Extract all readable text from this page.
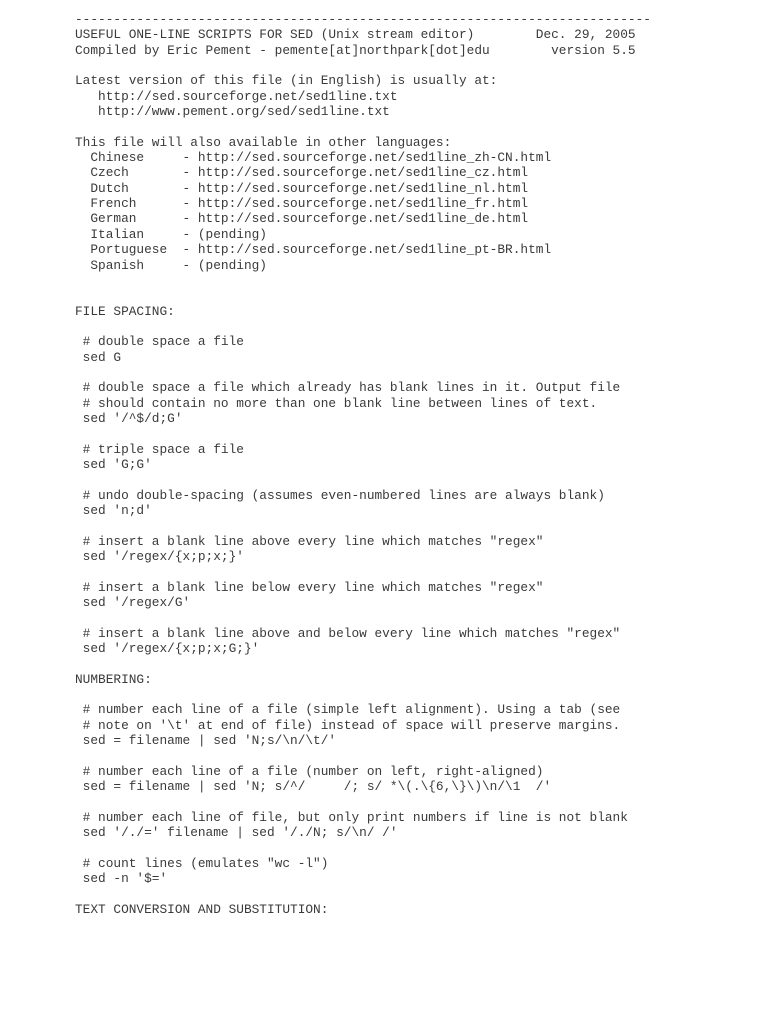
---------------------------------------------------------------------------
USEFUL ONE-LINE SCRIPTS FOR SED (Unix stream editor)        Dec. 29, 2005
Compiled by Eric Pement - pemente[at]northpark[dot]edu        version 5.5
Latest version of this file (in English) is usually at:
http://sed.sourceforge.net/sed1line.txt
http://www.pement.org/sed/sed1line.txt
This file will also available in other languages:
Chinese     - http://sed.sourceforge.net/sed1line_zh-CN.html
Czech       - http://sed.sourceforge.net/sed1line_cz.html
Dutch       - http://sed.sourceforge.net/sed1line_nl.html
French      - http://sed.sourceforge.net/sed1line_fr.html
German      - http://sed.sourceforge.net/sed1line_de.html
Italian     - (pending)
Portuguese  - http://sed.sourceforge.net/sed1line_pt-BR.html
Spanish     - (pending)
FILE SPACING:
# double space a file
sed G
# double space a file which already has blank lines in it. Output file
# should contain no more than one blank line between lines of text.
sed '/^$/d;G'
# triple space a file
sed 'G;G'
# undo double-spacing (assumes even-numbered lines are always blank)
sed 'n;d'
# insert a blank line above every line which matches "regex"
sed '/regex/{x;p;x;}'
# insert a blank line below every line which matches "regex"
sed '/regex/G'
# insert a blank line above and below every line which matches "regex"
sed '/regex/{x;p;x;G;}'
NUMBERING:
# number each line of a file (simple left alignment). Using a tab (see
# note on '\t' at end of file) instead of space will preserve margins.
sed = filename | sed 'N;s/\n/\t/'
# number each line of a file (number on left, right-aligned)
sed = filename | sed 'N; s/^/     /; s/ *\(.\{6,\}\)\n/\1  /'
# number each line of file, but only print numbers if line is not blank
sed '/./=' filename | sed '/./N; s/\n/ /'
# count lines (emulates "wc -l")
sed -n '$='
TEXT CONVERSION AND SUBSTITUTION:
